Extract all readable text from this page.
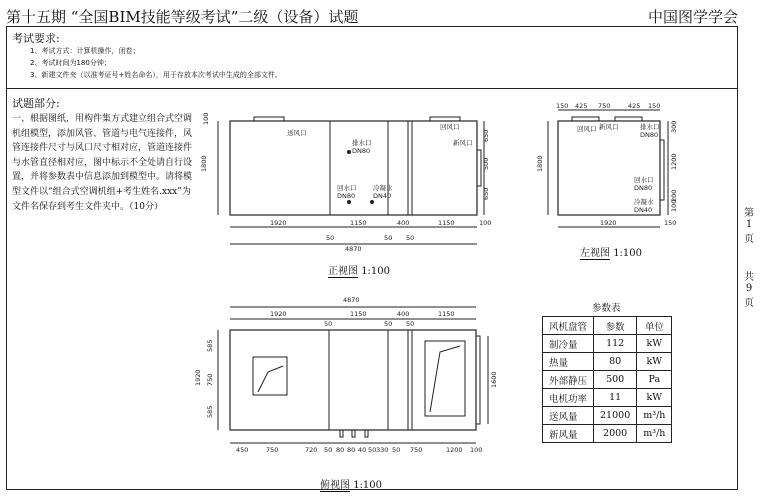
第十五期 “全国BIM技能等级考试”二级（设备）试题	中国图学学会
考试要求:
1、考试方式：计算机操作，闭卷；
2、考试时间为180分钟；
3、新建文件夹（以准考证号+姓名命名），用于存放本次考试中生成的全部文件。
试题部分:
一、根据图纸，用构件集方式建立组合式空调机组模型，添加风管、管道与电气连接件，风管连接件尺寸与风口尺寸相对应，管道连接件与水管直径相对应，图中标示不全处请自行设置，并将参数表中信息添加到模型中。请将模型文件以“组合式空调机组+考生姓名.xxx”为文件名保存到考生文件夹中。（10分）
第
1
页
共
9
页
送风口
排水口
DN80
回水口
DN80
冷凝水
DN40
回风口
新风口
1920	1150	400	1150	100
50	50 50
4870
1800
100
650
500
650
150 425 750	425 150
回风口 新风口	排水口
DN80
回水口
DN80
冷凝水
DN40
1920	150
1800
300
1200
200
100
4870
1920	1150	400	1150
50	50 50
1920
585
750
585
1600
450	750	720 50 80 80 40 50 330 50 750	1200 100
正视图 1:100
左视图 1:100
俯视图 1:100
参数表
风机盘管	参数	单位
制冷量	112	kW
热量	80	kW
外部静压	500	Pa
电机功率	11	kW
送风量	21000	m³/h
新风量	2000	m³/h
